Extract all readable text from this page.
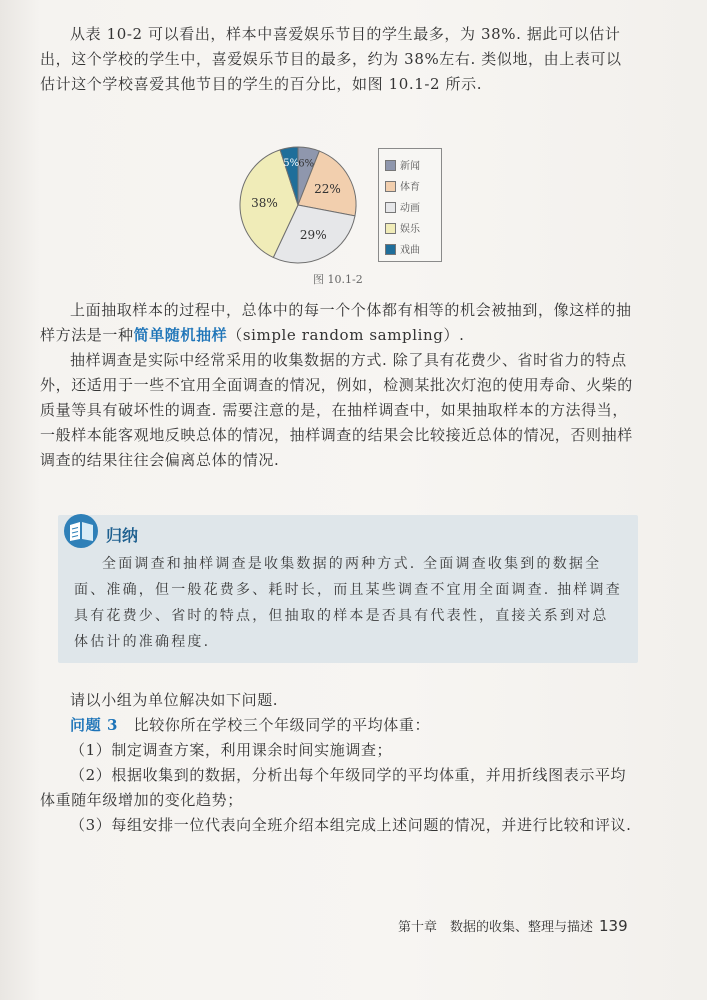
从表 10-2 可以看出，样本中喜爱娱乐节目的学生最多，为 38%. 据此可以估计出，这个学校的学生中，喜爱娱乐节目的最多，约为 38%左右. 类似地，由上表可以估计这个学校喜爱其他节目的学生的百分比，如图 10.1-2 所示.
6%
22%
29%
38%
5%	新闻
体育
动画
娱乐
戏曲
图 10.1-2
上面抽取样本的过程中，总体中的每一个个体都有相等的机会被抽到，像这样的抽样方法是一种简单随机抽样（simple random sampling）.
抽样调查是实际中经常采用的收集数据的方式. 除了具有花费少、省时省力的特点外，还适用于一些不宜用全面调查的情况，例如，检测某批次灯泡的使用寿命、火柴的质量等具有破坏性的调查. 需要注意的是，在抽样调查中，如果抽取样本的方法得当，一般样本能客观地反映总体的情况，抽样调查的结果会比较接近总体的情况，否则抽样调查的结果往往会偏离总体的情况.
归纳
全面调查和抽样调查是收集数据的两种方式. 全面调查收集到的数据全面、准确，但一般花费多、耗时长，而且某些调查不宜用全面调查. 抽样调查具有花费少、省时的特点，但抽取的样本是否具有代表性，直接关系到对总体估计的准确程度.
请以小组为单位解决如下问题.
问题 3　 比较你所在学校三个年级同学的平均体重：
（1）制定调查方案，利用课余时间实施调查；
（2）根据收集到的数据，分析出每个年级同学的平均体重，并用折线图表示平均体重随年级增加的变化趋势；
（3）每组安排一位代表向全班介绍本组完成上述问题的情况，并进行比较和评议.
第十章　数据的收集、整理与描述 139
